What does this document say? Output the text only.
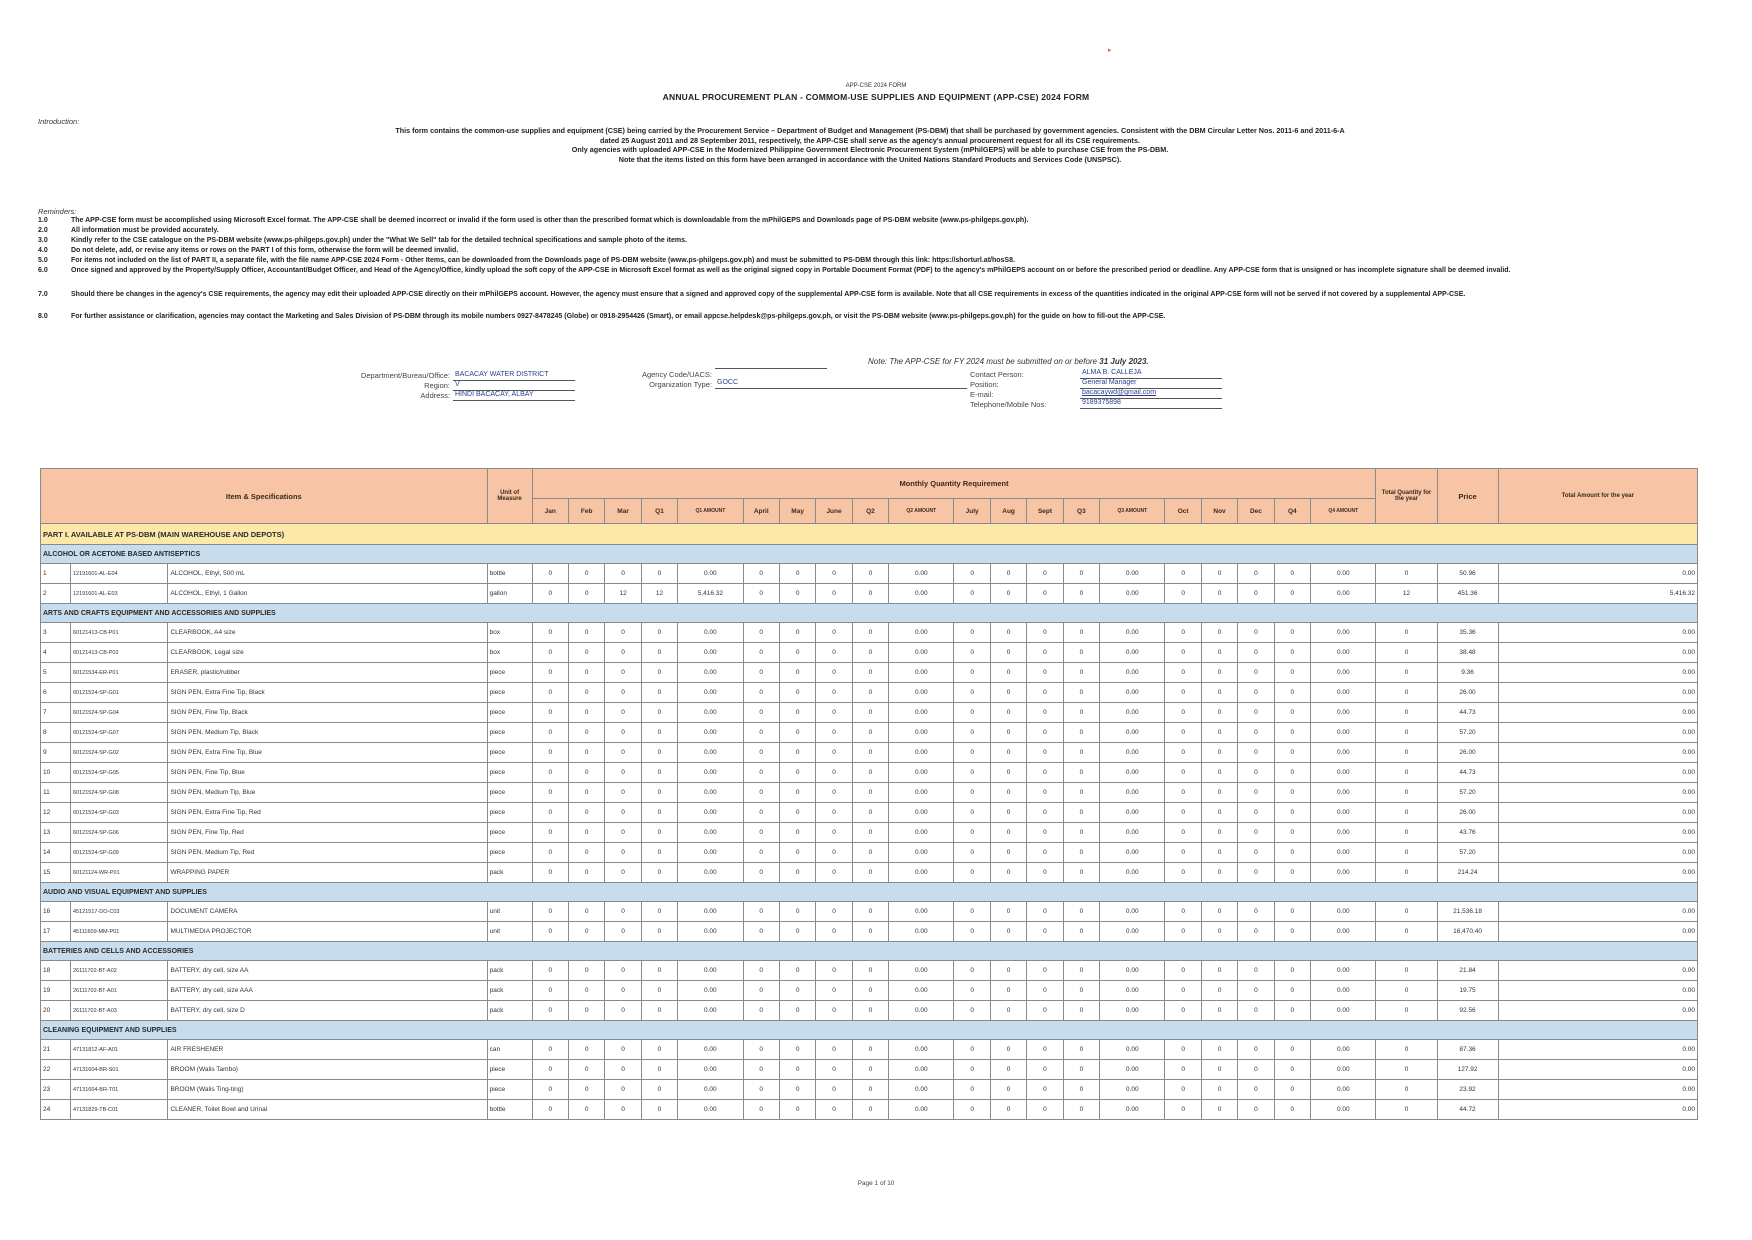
▸
APP-CSE 2024 FORM
ANNUAL PROCUREMENT PLAN - COMMOM-USE SUPPLIES AND EQUIPMENT (APP-CSE) 2024 FORM
Introduction:
This form contains the common-use supplies and equipment (CSE) being carried by the Procurement Service – Department of Budget and Management (PS-DBM) that shall be purchased by government agencies. Consistent with the DBM Circular Letter Nos. 2011-6 and 2011-6-A
dated 25 August 2011 and 28 September 2011, respectively, the APP-CSE shall serve as the agency's annual procurement request for all its CSE requirements.
Only agencies with uploaded APP-CSE in the Modernized Philippine Government Electronic Procurement System (mPhilGEPS) will be able to purchase CSE from the PS-DBM.
Note that the items listed on this form have been arranged in accordance with the United Nations Standard Products and Services Code (UNSPSC).
Reminders:
1.0	The APP-CSE form must be accomplished using Microsoft Excel format. The APP-CSE shall be deemed incorrect or invalid if the form used is other than the prescribed format which is downloadable from the mPhilGEPS and Downloads page of PS-DBM website (www.ps-philgeps.gov.ph).
2.0	All information must be provided accurately.
3.0	Kindly refer to the CSE catalogue on the PS-DBM website (www.ps-philgeps.gov.ph) under the "What We Sell" tab for the detailed technical specifications and sample photo of the items.
4.0	Do not delete, add, or revise any items or rows on the PART I of this form, otherwise the form will be deemed invalid.
5.0	For items not included on the list of PART II, a separate file, with the file name APP-CSE 2024 Form - Other Items, can be downloaded from the Downloads page of PS-DBM website (www.ps-philgeps.gov.ph) and must be submitted to PS-DBM through this link: https://shorturl.at/hosS8.
6.0	Once signed and approved by the Property/Supply Officer, Accountant/Budget Officer, and Head of the Agency/Office, kindly upload the soft copy of the APP-CSE in Microsoft Excel format as well as the original signed copy in Portable Document Format (PDF) to the agency's mPhilGEPS account on or before the prescribed period or deadline. Any APP-CSE form that is unsigned or has incomplete signature shall be deemed invalid.
7.0	Should there be changes in the agency's CSE requirements, the agency may edit their uploaded APP-CSE directly on their mPhilGEPS account. However, the agency must ensure that a signed and approved copy of the supplemental APP-CSE form is available. Note that all CSE requirements in excess of the quantities indicated in the original APP-CSE form will not be served if not covered by a supplemental APP-CSE.
8.0	For further assistance or clarification, agencies may contact the Marketing and Sales Division of PS-DBM through its mobile numbers 0927-8478245 (Globe) or 0918-2954426 (Smart), or email appcse.helpdesk@ps-philgeps.gov.ph, or visit the PS-DBM website (www.ps-philgeps.gov.ph) for the guide on how to fill-out the APP-CSE.
Note: The APP-CSE for FY 2024 must be submitted on or before 31 July 2023.
Department/Bureau/Office: BACACAY WATER DISTRICT
Region: V
Address: HINDI BACACAY, ALBAY
Agency Code/UACS:
Organization Type: GOCC
Contact Person:	ALMA B. CALLEJA
Position:	General Manager
E-mail:	bacacaywd@gmail.com
Telephone/Mobile Nos:	9189375898
Item & Specifications			Unit of Measure	Monthly Quantity Requirement																				Total Quantity for the year	Price	Total Amount for the year
				Jan	Feb	Mar	Q1	Q1 AMOUNT	April	May	June	Q2	Q2 AMOUNT	July	Aug	Sept	Q3	Q3 AMOUNT	Oct	Nov	Dec	Q4	Q4 AMOUNT			
PART I. AVAILABLE AT PS-DBM (MAIN WAREHOUSE AND DEPOTS)																										
ALCOHOL OR ACETONE BASED ANTISEPTICS																										
1	12191601-AL-E04	ALCOHOL, Ethyl, 500 mL	bottle	0	0	0	0	0.00	0	0	0	0	0.00	0	0	0	0	0.00	0	0	0	0	0.00	0	50.96	0.00
2	12191601-AL-E03	ALCOHOL, Ethyl, 1 Gallon	gallon	0	0	12	12	5,416.32	0	0	0	0	0.00	0	0	0	0	0.00	0	0	0	0	0.00	12	451.36	5,416.32
ARTS AND CRAFTS EQUIPMENT AND ACCESSORIES AND SUPPLIES																										
3	60121413-CB-P01	CLEARBOOK, A4 size	box	0	0	0	0	0.00	0	0	0	0	0.00	0	0	0	0	0.00	0	0	0	0	0.00	0	35.36	0.00
4	60121413-CB-P02	CLEARBOOK, Legal size	box	0	0	0	0	0.00	0	0	0	0	0.00	0	0	0	0	0.00	0	0	0	0	0.00	0	38.48	0.00
5	60121534-ER-P01	ERASER, plastic/rubber	piece	0	0	0	0	0.00	0	0	0	0	0.00	0	0	0	0	0.00	0	0	0	0	0.00	0	9.36	0.00
6	60121524-SP-G01	SIGN PEN, Extra Fine Tip, Black	piece	0	0	0	0	0.00	0	0	0	0	0.00	0	0	0	0	0.00	0	0	0	0	0.00	0	26.00	0.00
7	60121524-SP-G04	SIGN PEN, Fine Tip, Black	piece	0	0	0	0	0.00	0	0	0	0	0.00	0	0	0	0	0.00	0	0	0	0	0.00	0	44.73	0.00
8	60121524-SP-G07	SIGN PEN, Medium Tip, Black	piece	0	0	0	0	0.00	0	0	0	0	0.00	0	0	0	0	0.00	0	0	0	0	0.00	0	57.20	0.00
9	60121524-SP-G02	SIGN PEN, Extra Fine Tip, Blue	piece	0	0	0	0	0.00	0	0	0	0	0.00	0	0	0	0	0.00	0	0	0	0	0.00	0	26.00	0.00
10	60121524-SP-G05	SIGN PEN, Fine Tip, Blue	piece	0	0	0	0	0.00	0	0	0	0	0.00	0	0	0	0	0.00	0	0	0	0	0.00	0	44.73	0.00
11	60121524-SP-G08	SIGN PEN, Medium Tip, Blue	piece	0	0	0	0	0.00	0	0	0	0	0.00	0	0	0	0	0.00	0	0	0	0	0.00	0	57.20	0.00
12	60121524-SP-G03	SIGN PEN, Extra Fine Tip, Red	piece	0	0	0	0	0.00	0	0	0	0	0.00	0	0	0	0	0.00	0	0	0	0	0.00	0	26.00	0.00
13	60121524-SP-G06	SIGN PEN, Fine Tip, Red	piece	0	0	0	0	0.00	0	0	0	0	0.00	0	0	0	0	0.00	0	0	0	0	0.00	0	43.76	0.00
14	60121524-SP-G09	SIGN PEN, Medium Tip, Red	piece	0	0	0	0	0.00	0	0	0	0	0.00	0	0	0	0	0.00	0	0	0	0	0.00	0	57.20	0.00
15	60121124-WR-P01	WRAPPING PAPER	pack	0	0	0	0	0.00	0	0	0	0	0.00	0	0	0	0	0.00	0	0	0	0	0.00	0	214.24	0.00
AUDIO AND VISUAL EQUIPMENT AND SUPPLIES																										
16	45121517-DO-C03	DOCUMENT CAMERA	unit	0	0	0	0	0.00	0	0	0	0	0.00	0	0	0	0	0.00	0	0	0	0	0.00	0	21,536.18	0.00
17	45111609-MM-P01	MULTIMEDIA PROJECTOR	unit	0	0	0	0	0.00	0	0	0	0	0.00	0	0	0	0	0.00	0	0	0	0	0.00	0	16,470.40	0.00
BATTERIES AND CELLS AND ACCESSORIES																										
18	26111702-BT-A02	BATTERY, dry cell, size AA	pack	0	0	0	0	0.00	0	0	0	0	0.00	0	0	0	0	0.00	0	0	0	0	0.00	0	21.84	0.00
19	26111702-BT-A01	BATTERY, dry cell, size AAA	pack	0	0	0	0	0.00	0	0	0	0	0.00	0	0	0	0	0.00	0	0	0	0	0.00	0	19.75	0.00
20	26111702-BT-A03	BATTERY, dry cell, size D	pack	0	0	0	0	0.00	0	0	0	0	0.00	0	0	0	0	0.00	0	0	0	0	0.00	0	92.56	0.00
CLEANING EQUIPMENT AND SUPPLIES																										
21	47131812-AF-A01	AIR FRESHENER	can	0	0	0	0	0.00	0	0	0	0	0.00	0	0	0	0	0.00	0	0	0	0	0.00	0	87.36	0.00
22	47131604-BR-S01	BROOM (Walis Tambo)	piece	0	0	0	0	0.00	0	0	0	0	0.00	0	0	0	0	0.00	0	0	0	0	0.00	0	127.92	0.00
23	47131604-BR-T01	BROOM (Walis Ting-ting)	piece	0	0	0	0	0.00	0	0	0	0	0.00	0	0	0	0	0.00	0	0	0	0	0.00	0	23.92	0.00
24	47131829-TB-C01	CLEANER, Toilet Bowl and Urinal	bottle	0	0	0	0	0.00	0	0	0	0	0.00	0	0	0	0	0.00	0	0	0	0	0.00	0	44.72	0.00
Page 1 of 10
